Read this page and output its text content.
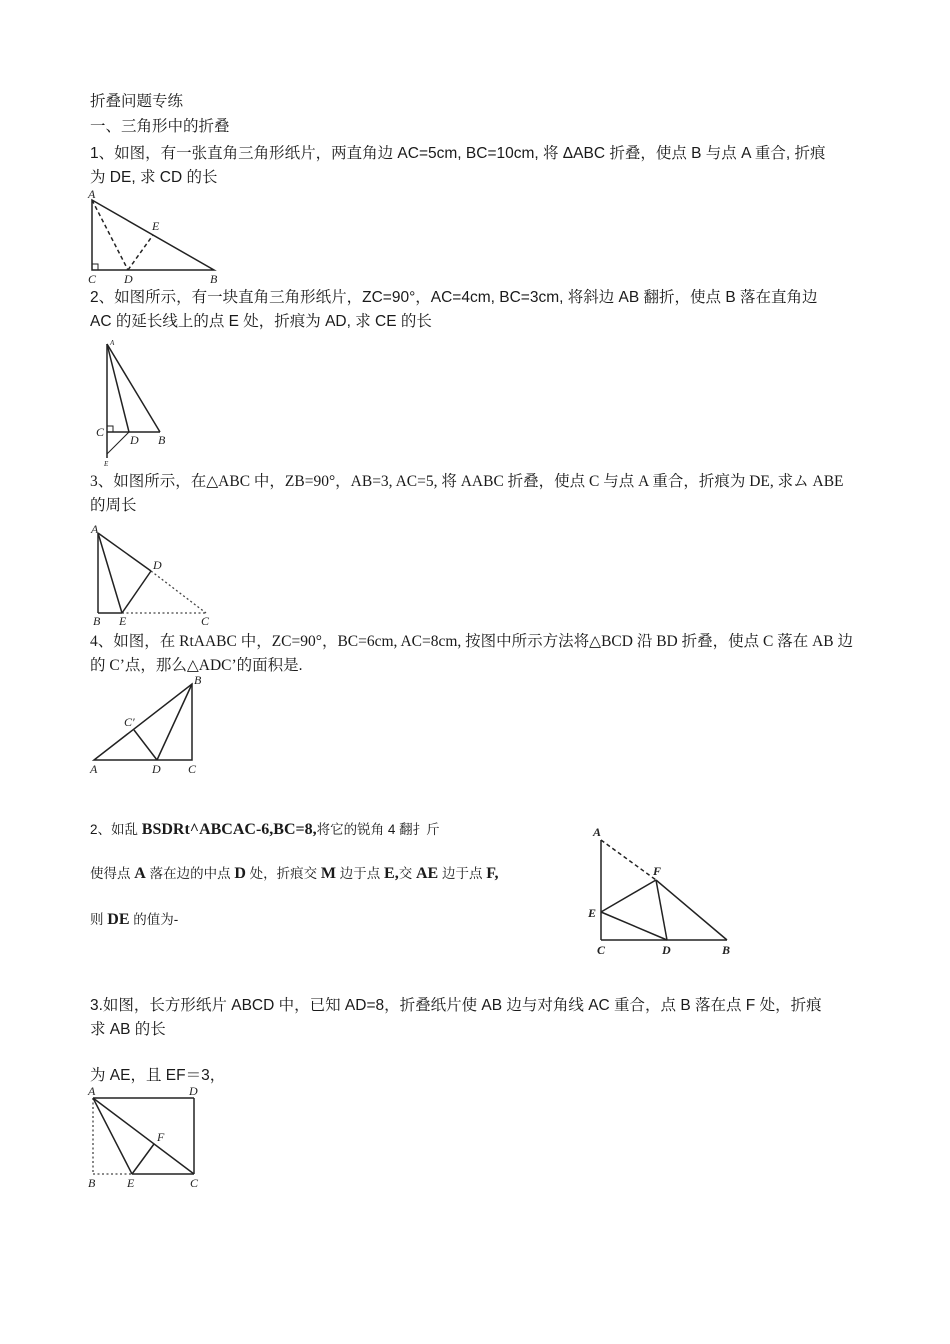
折叠问题专练
一、三角形中的折叠
1、如图，有一张直角三角形纸片，两直角边 AC=5cm, BC=10cm, 将 ΔABC 折叠，使点 B 与点 A 重合, 折痕
为 DE, 求 CD 的长
A
E
C D	B
2、如图所示，有一块直角三角形纸片，ZC=90°，AC=4cm, BC=3cm, 将斜边 AB 翻折，使点 B 落在直角边
AC 的延长线上的点 E 处，折痕为 AD, 求 CE 的长
A
C
D B
E
3、如图所示，在△ABC 中，ZB=90°，AB=3, AC=5, 将 AABC 折叠，使点 C 与点 A 重合，折痕为 DE, 求ム ABE
的周长
A
D
B E	C
4、如图，在 RtAABC 中，ZC=90°，BC=6cm, AC=8cm, 按图中所示方法将△BCD 沿 BD 折叠，使点 C 落在 AB 边
的 C’点，那么△ADC’的面积是.
B
C′
A	D C
2、如乱 BSDRt^ABCAC-6,BC=8,将它的锐角 4 翻扌斤
使得点 A 落在边的中点 D 处，折痕交 M 边于点 E,交 AE 边于点 F,
则 DE 的值为-
A
F
E
C	D	B
3.如图，长方形纸片 ABCD 中，已知 AD=8，折叠纸片使 AB 边与对角线 AC 重合，点 B 落在点 F 处，折痕
求 AB 的长
为 AE，且 EF＝3，
A	D
F
B	E	C
